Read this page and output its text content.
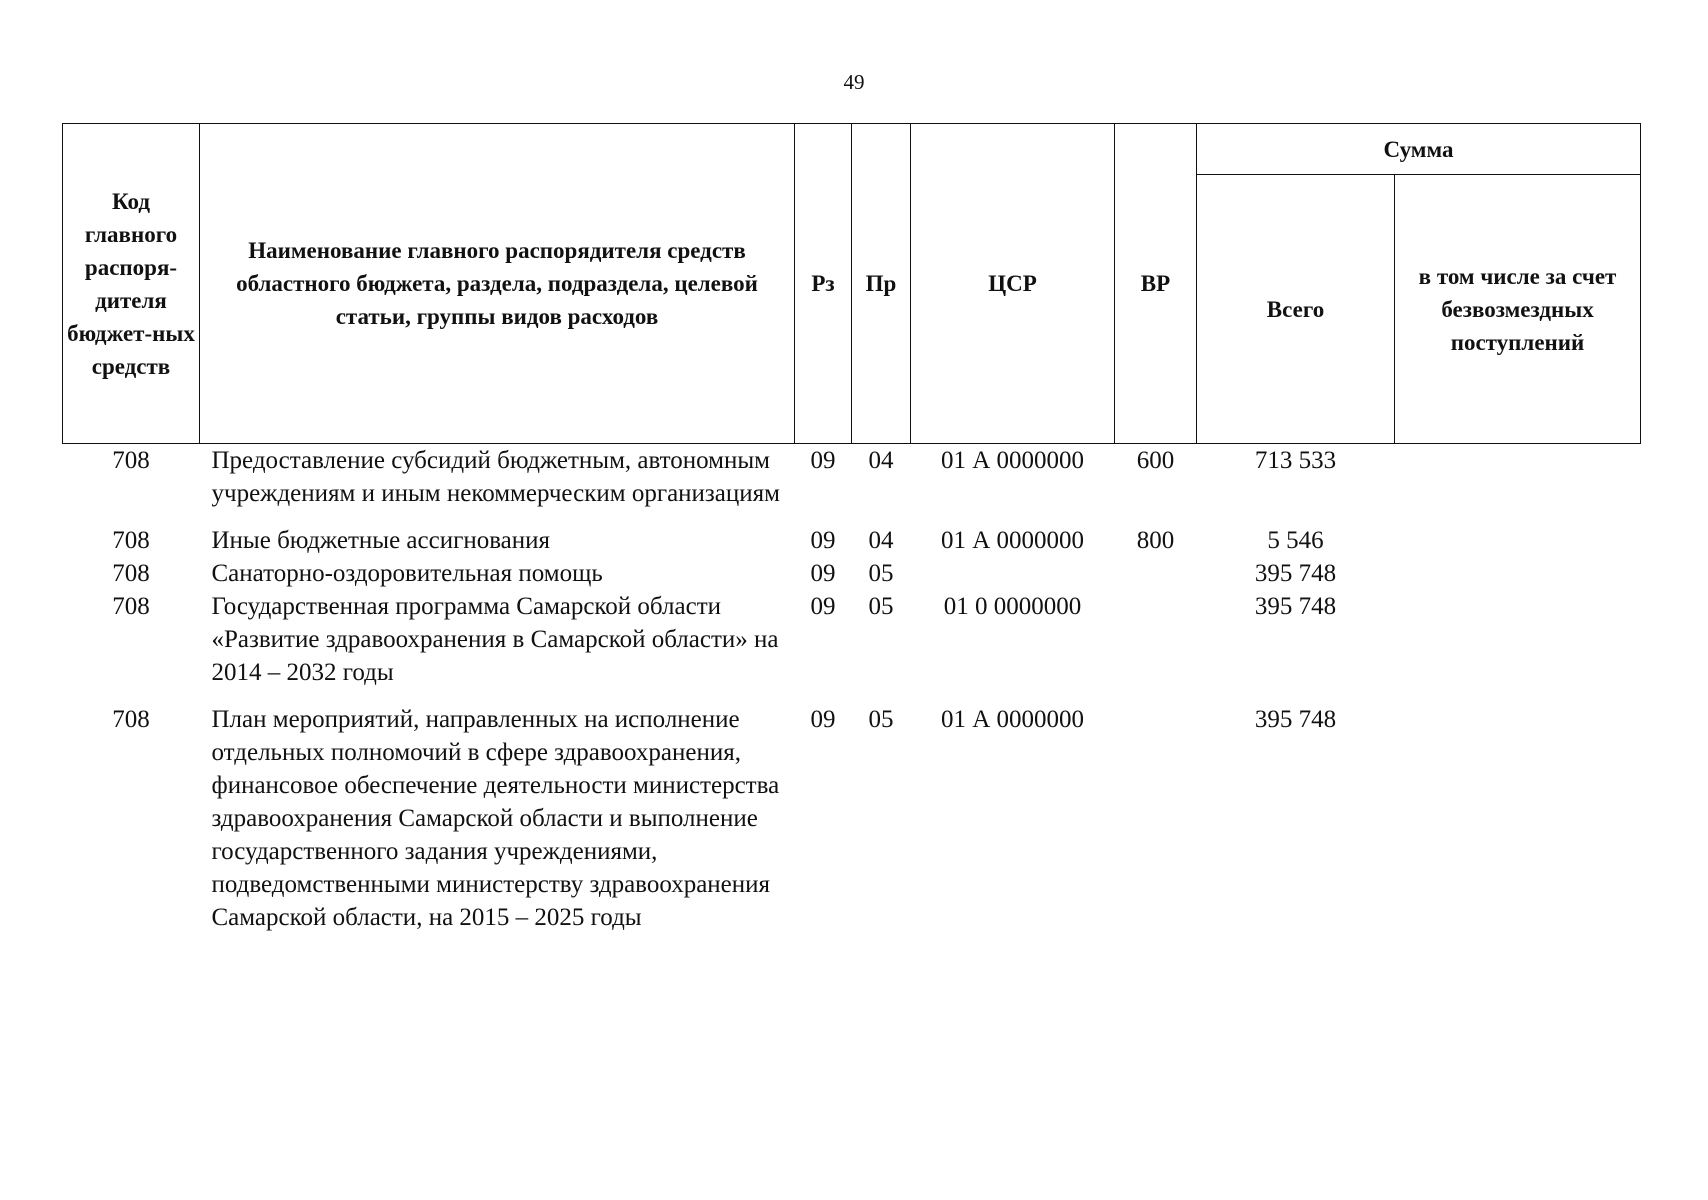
49
Код главного распоря-дителя бюджет-ных средств	Наименование главного распорядителя средств областного бюджета, раздела, подраздела, целевой статьи, группы видов расходов	Рз	Пр	ЦСР	ВР	Сумма	
						Всего	в том числе за счет безвозмездных поступлений
708	Предоставление субсидий бюджетным, автономным учреждениям и иным некоммерческим организациям	09	04	01 А 0000000	600	713 533	
708	Иные бюджетные ассигнования	09	04	01 А 0000000	800	5 546	
708	Санаторно-оздоровительная помощь	09	05			395 748	
708	Государственная программа Самарской области «Развитие здравоохранения в Самарской области» на 2014 – 2032 годы	09	05	01 0 0000000		395 748	
708	План мероприятий, направленных на исполнение отдельных полномочий в сфере здравоохранения, финансовое обеспечение деятельности министерства здравоохранения Самарской области и выполнение государственного задания учреждениями, подведомственными министерству здравоохранения Самарской области, на 2015 – 2025 годы	09	05	01 А 0000000		395 748	
